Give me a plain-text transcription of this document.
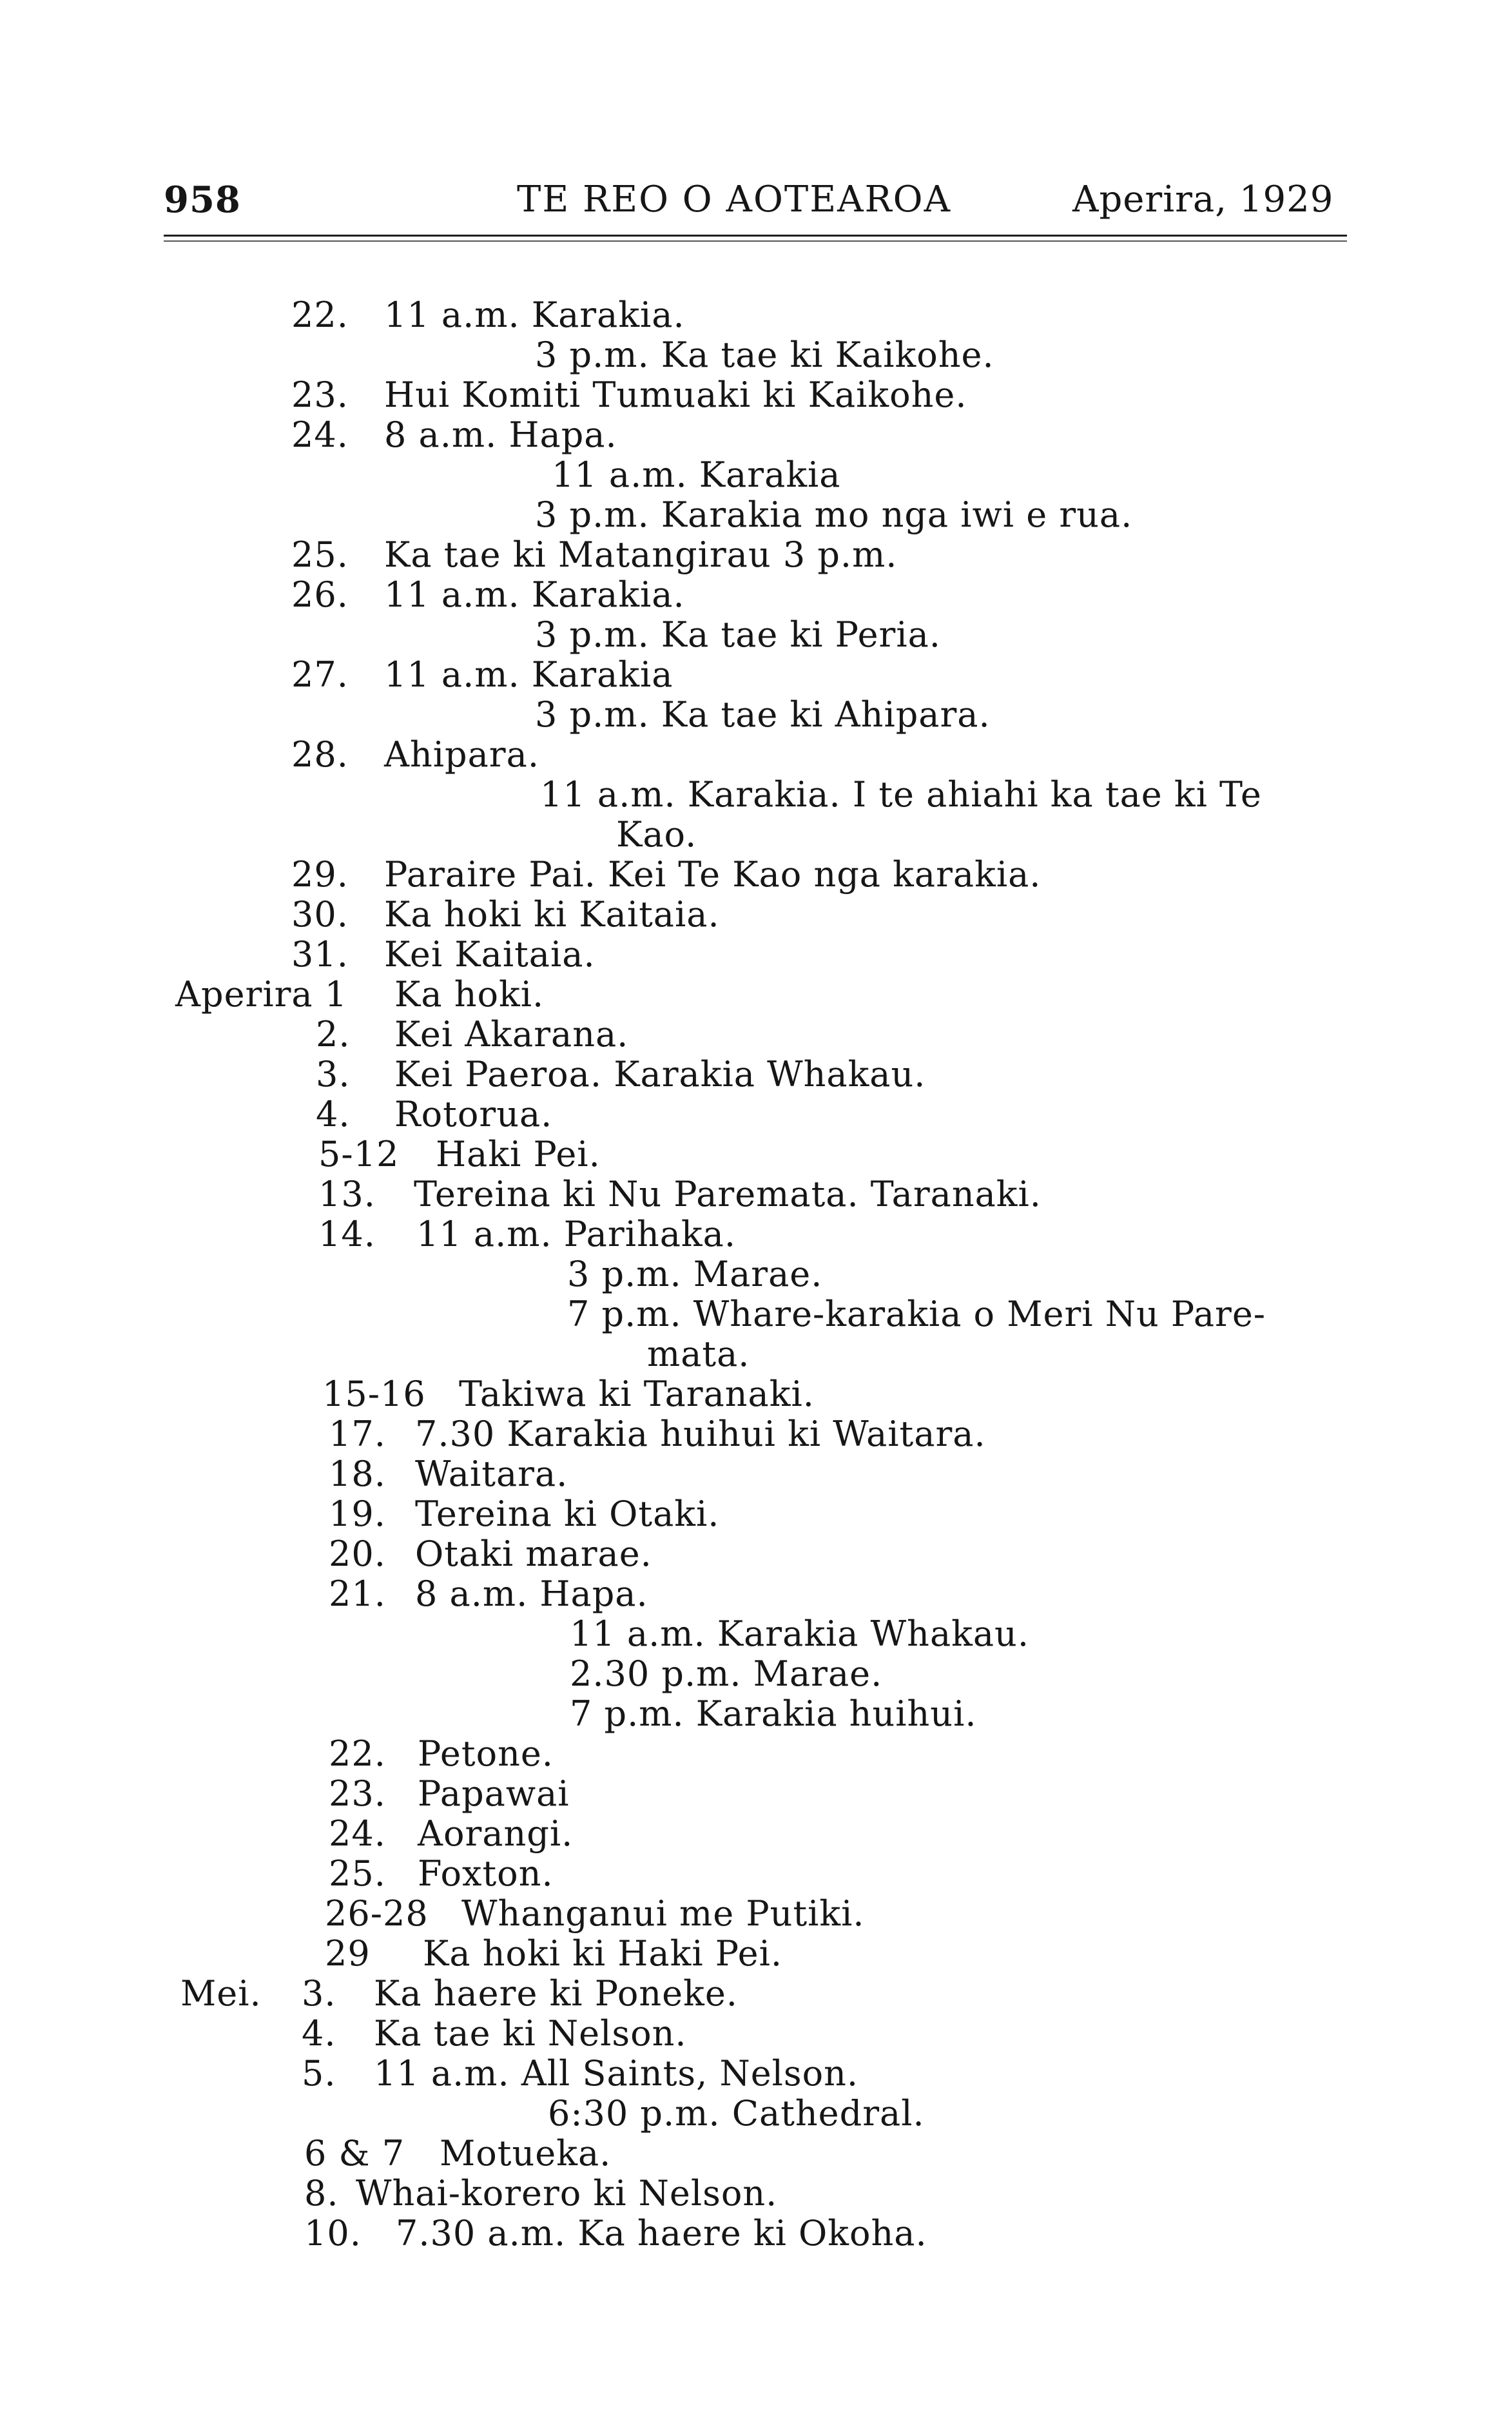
958	TE REO O AOTEAROA	Aperira, 1929
22. 11 a.m. Karakia.
3 p.m. Ka tae ki Kaikohe.
23. Hui Komiti Tumuaki ki Kaikohe.
24. 8 a.m. Hapa.
11 a.m. Karakia
3 p.m. Karakia mo nga iwi e rua.
25. Ka tae ki Matangirau 3 p.m.
26. 11 a.m. Karakia.
3 p.m. Ka tae ki Peria.
27. 11 a.m. Karakia
3 p.m. Ka tae ki Ahipara.
28. Ahipara.
11 a.m. Karakia. I te ahiahi ka tae ki Te
Kao.
29. Paraire Pai. Kei Te Kao nga karakia.
30. Ka hoki ki Kaitaia.
31. Kei Kaitaia.
Aperira 1 Ka hoki.
2. Kei Akarana.
3. Kei Paeroa. Karakia Whakau.
4. Rotorua.
5-12 Haki Pei.
13. Tereina ki Nu Paremata. Taranaki.
14. 11 a.m. Parihaka.
3 p.m. Marae.
7 p.m. Whare-karakia o Meri Nu Pare-
mata.
15-16 Takiwa ki Taranaki.
17. 7.30 Karakia huihui ki Waitara.
18. Waitara.
19. Tereina ki Otaki.
20. Otaki marae.
21. 8 a.m. Hapa.
11 a.m. Karakia Whakau.
2.30 p.m. Marae.
7 p.m. Karakia huihui.
22. Petone.
23. Papawai
24. Aorangi.
25. Foxton.
26-28 Whanganui me Putiki.
29 Ka hoki ki Haki Pei.
Mei. 3. Ka haere ki Poneke.
4. Ka tae ki Nelson.
5. 11 a.m. All Saints, Nelson.
6:30 p.m. Cathedral.
6 & 7 Motueka.
8. Whai-korero ki Nelson.
10. 7.30 a.m. Ka haere ki Okoha.
